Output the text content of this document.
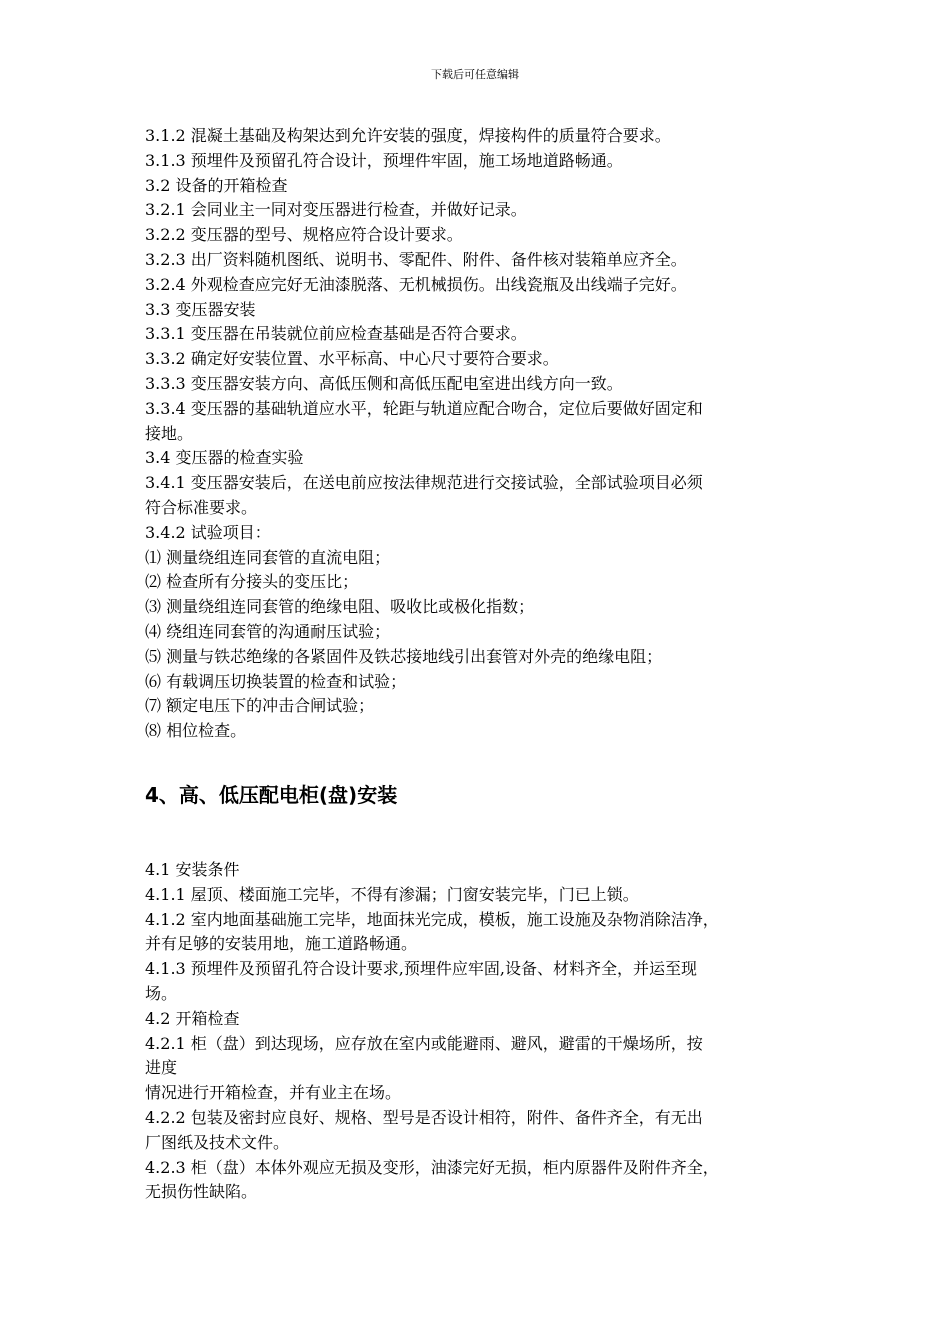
下载后可任意编辑
3.1.2 混凝土基础及构架达到允许安装的强度，焊接构件的质量符合要求。
3.1.3 预埋件及预留孔符合设计，预埋件牢固，施工场地道路畅通。
3.2 设备的开箱检查
3.2.1 会同业主一同对变压器进行检查，并做好记录。
3.2.2 变压器的型号、规格应符合设计要求。
3.2.3 出厂资料随机图纸、说明书、零配件、附件、备件核对装箱单应齐全。
3.2.4 外观检查应完好无油漆脱落、无机械损伤。出线瓷瓶及出线端子完好。
3.3 变压器安装
3.3.1 变压器在吊装就位前应检查基础是否符合要求。
3.3.2 确定好安装位置、水平标高、中心尺寸要符合要求。
3.3.3 变压器安装方向、高低压侧和高低压配电室进出线方向一致。
3.3.4 变压器的基础轨道应水平，轮距与轨道应配合吻合，定位后要做好固定和
接地。
3.4 变压器的检查实验
3.4.1 变压器安装后，在送电前应按法律规范进行交接试验，全部试验项目必须
符合标准要求。
3.4.2 试验项目：
⑴ 测量绕组连同套管的直流电阻；
⑵ 检查所有分接头的变压比；
⑶ 测量绕组连同套管的绝缘电阻、吸收比或极化指数；
⑷ 绕组连同套管的沟通耐压试验；
⑸ 测量与铁芯绝缘的各紧固件及铁芯接地线引出套管对外壳的绝缘电阻；
⑹ 有载调压切换装置的检查和试验；
⑺ 额定电压下的冲击合闸试验；
⑻ 相位检查。
4、高、低压配电柜(盘)安装
4.1 安装条件
4.1.1 屋顶、楼面施工完毕，不得有渗漏；门窗安装完毕，门已上锁。
4.1.2 室内地面基础施工完毕，地面抹光完成，模板，施工设施及杂物消除洁净，
并有足够的安装用地，施工道路畅通。
4.1.3 预埋件及预留孔符合设计要求,预埋件应牢固,设备、材料齐全，并运至现
场。
4.2 开箱检查
4.2.1 柜（盘）到达现场，应存放在室内或能避雨、避风，避雷的干燥场所，按
进度
情况进行开箱检查，并有业主在场。
4.2.2 包装及密封应良好、规格、型号是否设计相符，附件、备件齐全，有无出
厂图纸及技术文件。
4.2.3 柜（盘）本体外观应无损及变形，油漆完好无损，柜内原器件及附件齐全，
无损伤性缺陷。
